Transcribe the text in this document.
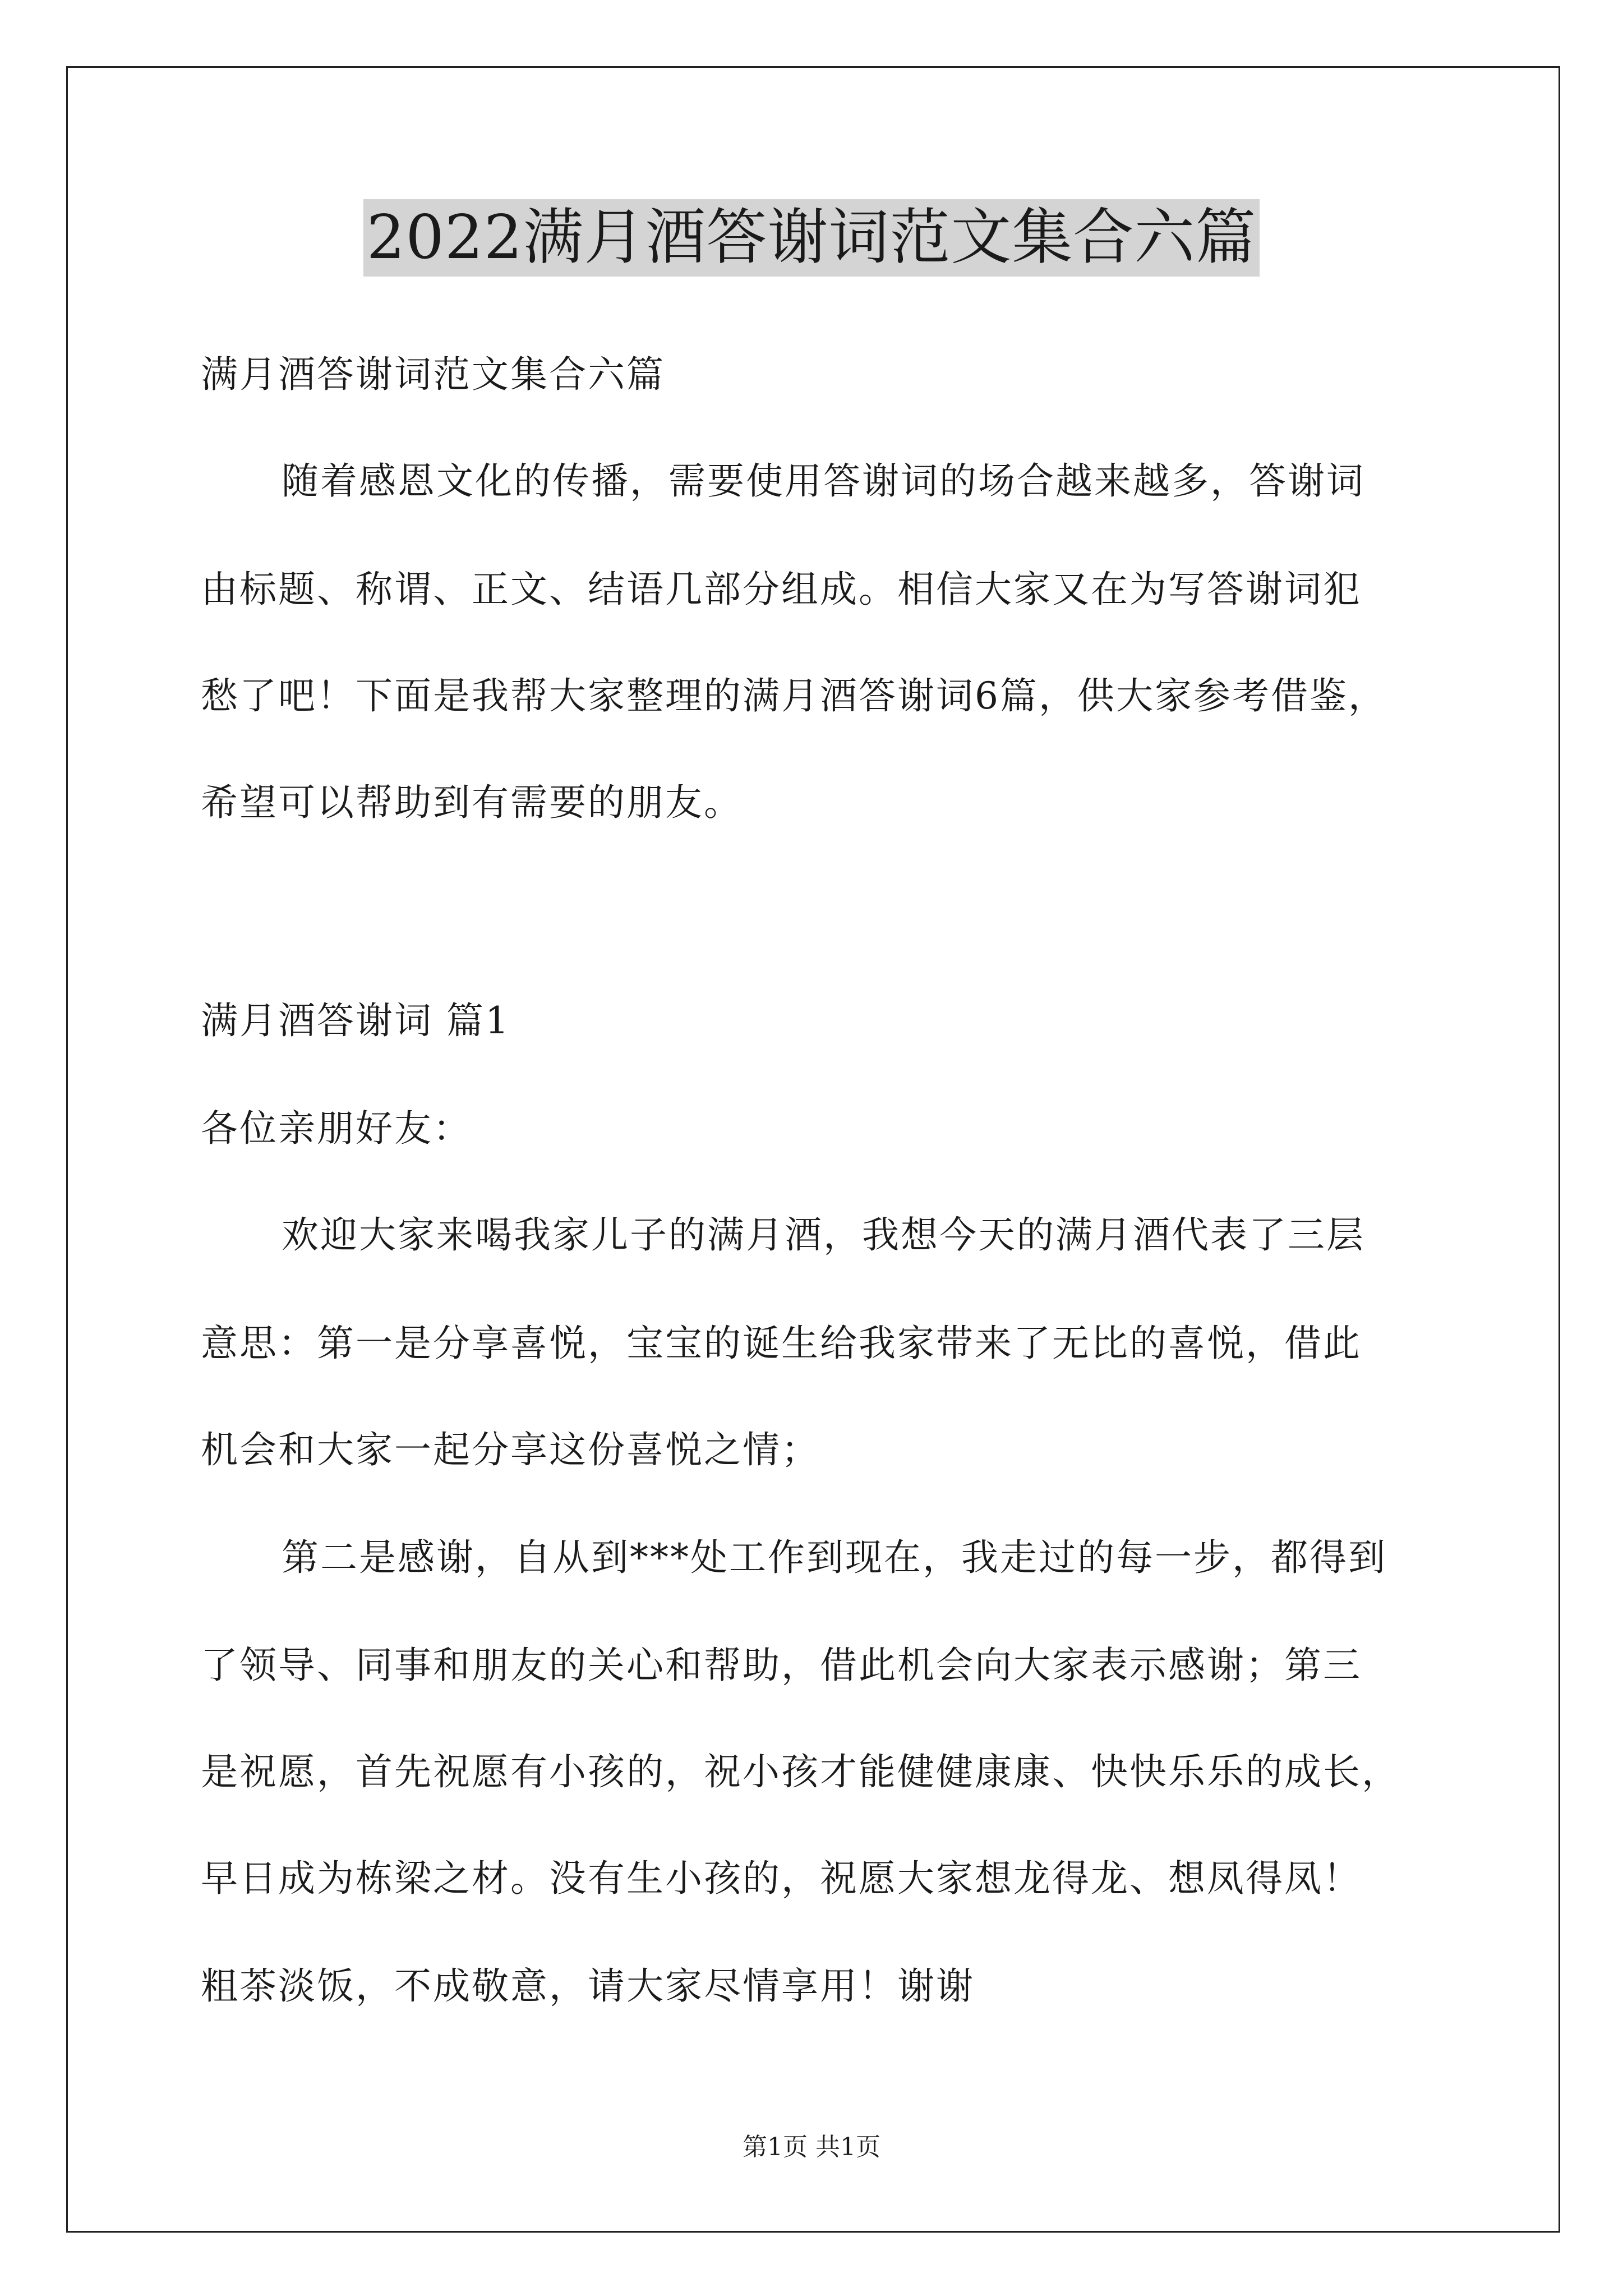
2022满月酒答谢词范文集合六篇
满月酒答谢词范文集合六篇
随着感恩文化的传播，需要使用答谢词的场合越来越多，答谢词
由标题、称谓、正文、结语几部分组成。相信大家又在为写答谢词犯
愁了吧！下面是我帮大家整理的满月酒答谢词6篇，供大家参考借鉴，
希望可以帮助到有需要的朋友。
满月酒答谢词 篇1
各位亲朋好友：
欢迎大家来喝我家儿子的满月酒，我想今天的满月酒代表了三层
意思：第一是分享喜悦，宝宝的诞生给我家带来了无比的喜悦，借此
机会和大家一起分享这份喜悦之情；
第二是感谢，自从到***处工作到现在，我走过的每一步，都得到
了领导、同事和朋友的关心和帮助，借此机会向大家表示感谢；第三
是祝愿，首先祝愿有小孩的，祝小孩才能健健康康、快快乐乐的成长，
早日成为栋梁之材。没有生小孩的，祝愿大家想龙得龙、想凤得凤！
粗茶淡饭，不成敬意，请大家尽情享用！谢谢
第1页 共1页
